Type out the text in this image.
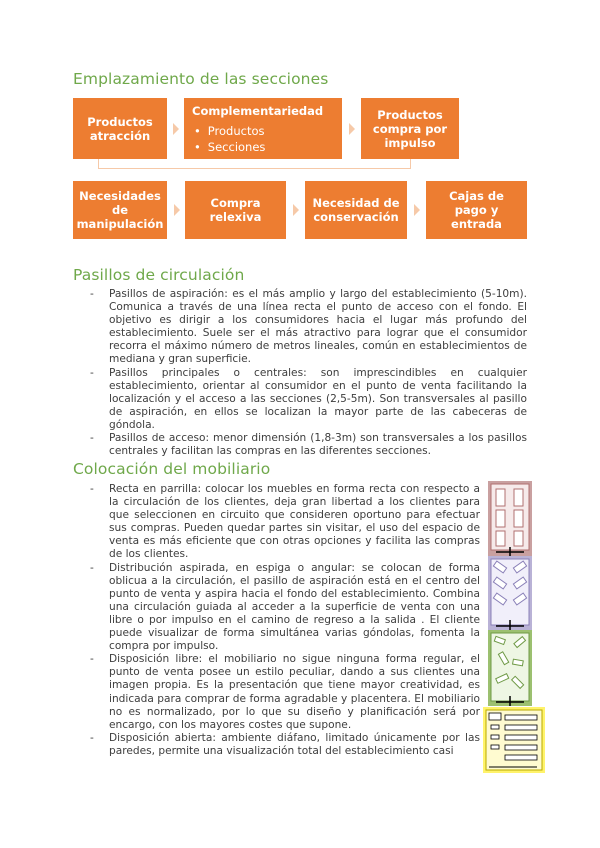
Emplazamiento de las secciones
Pasillos de circulación
Colocación del mobiliario
Productos atracción
Complementariedad
• Productos
• Secciones
Productos compra por impulso
Necesidades de manipulación
Compra relexiva
Necesidad de conservación
Cajas de pago y entrada
- Pasillos de aspiración: es el más amplio y largo del establecimiento (5-10m). Comunica a través de una línea recta el punto de acceso con el fondo. El objetivo es dirigir a los consumidores hacia el lugar más profundo del establecimiento. Suele ser el más atractivo para lograr que el consumidor recorra el máximo número de metros lineales, común en establecimientos de mediana y gran superficie.
- Pasillos principales o centrales: son imprescindibles en cualquier establecimiento, orientar al consumidor en el punto de venta facilitando la localización y el acceso a las secciones (2,5-5m). Son transversales al pasillo de aspiración, en ellos se localizan la mayor parte de las cabeceras de góndola.
- Pasillos de acceso: menor dimensión (1,8-3m) son transversales a los pasillos centrales y facilitan las compras en las diferentes secciones.
- Recta en parrilla: colocar los muebles en forma recta con respecto a la circulación de los clientes, deja gran libertad a los clientes para que seleccionen en circuito que consideren oportuno para efectuar sus compras. Pueden quedar partes sin visitar, el uso del espacio de venta es más eficiente que con otras opciones y facilita las compras de los clientes.
- Distribución aspirada, en espiga o angular: se colocan de forma oblicua a la circulación, el pasillo de aspiración está en el centro del punto de venta y aspira hacia el fondo del establecimiento. Combina una circulación guiada al acceder a la superficie de venta con una libre o por impulso en el camino de regreso a la salida . El cliente puede visualizar de forma simultánea varias góndolas, fomenta la compra por impulso.
- Disposición libre: el mobiliario no sigue ninguna forma regular, el punto de venta posee un estilo peculiar, dando a sus clientes una imagen propia. Es la presentación que tiene mayor creatividad, es indicada para comprar de forma agradable y placentera. El mobiliario no es normalizado, por lo que su diseño y planificación será por encargo, con los mayores costes que supone.
- Disposición abierta: ambiente diáfano, limitado únicamente por las paredes, permite una visualización total del establecimiento casi
